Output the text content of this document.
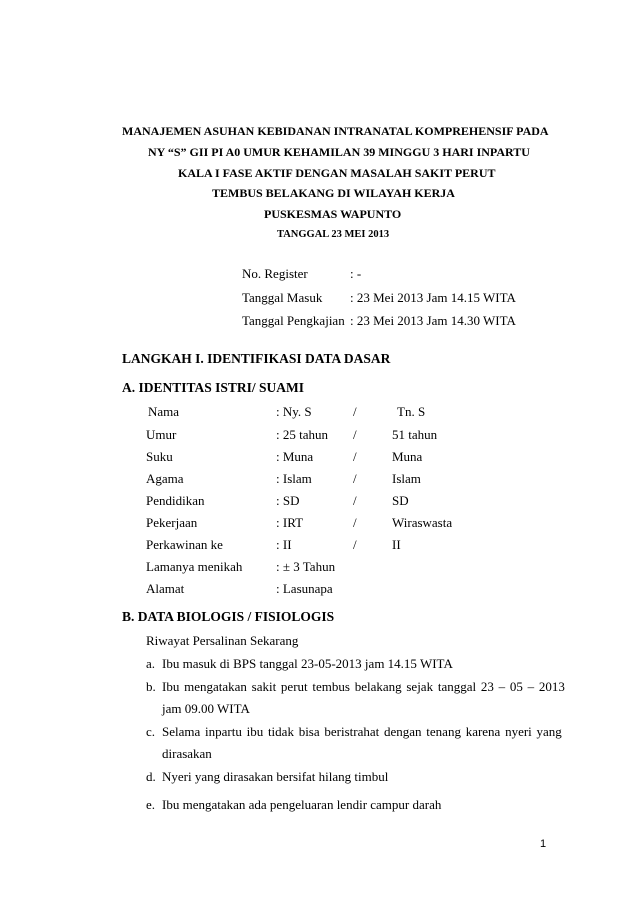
MANAJEMEN ASUHAN KEBIDANAN INTRANATAL KOMPREHENSIF PADA
NY “S” GII PI A0 UMUR KEHAMILAN 39 MINGGU 3 HARI INPARTU
KALA I FASE AKTIF DENGAN MASALAH SAKIT PERUT
TEMBUS BELAKANG DI WILAYAH KERJA
PUSKESMAS WAPUNTO
TANGGAL 23 MEI 2013
No. Register	: -
Tanggal Masuk : 23 Mei 2013 Jam 14.15 WITA
Tanggal Pengkajian : 23 Mei 2013 Jam 14.30 WITA
LANGKAH I. IDENTIFIKASI DATA DASAR
A. IDENTITAS ISTRI/ SUAMI
Nama	: Ny. S	/	Tn. S
Umur	: 25 tahun /	51 tahun
Suku	: Muna	/	Muna
Agama	: Islam	/	Islam
Pendidikan	: SD	/	SD
Pekerjaan	: IRT	/	Wiraswasta
Perkawinan ke	: II	/	II
Lamanya menikah	: ± 3 Tahun
Alamat	: Lasunapa
B. DATA BIOLOGIS / FISIOLOGIS
Riwayat Persalinan Sekarang
a. Ibu masuk di BPS tanggal 23-05-2013 jam 14.15 WITA
b. Ibu mengatakan sakit perut tembus belakang sejak tanggal 23 – 05 – 2013
jam 09.00 WITA
c. Selama inpartu ibu tidak bisa beristrahat dengan tenang karena nyeri yang
dirasakan
d. Nyeri yang dirasakan bersifat hilang timbul
e. Ibu mengatakan ada pengeluaran lendir campur darah
1
